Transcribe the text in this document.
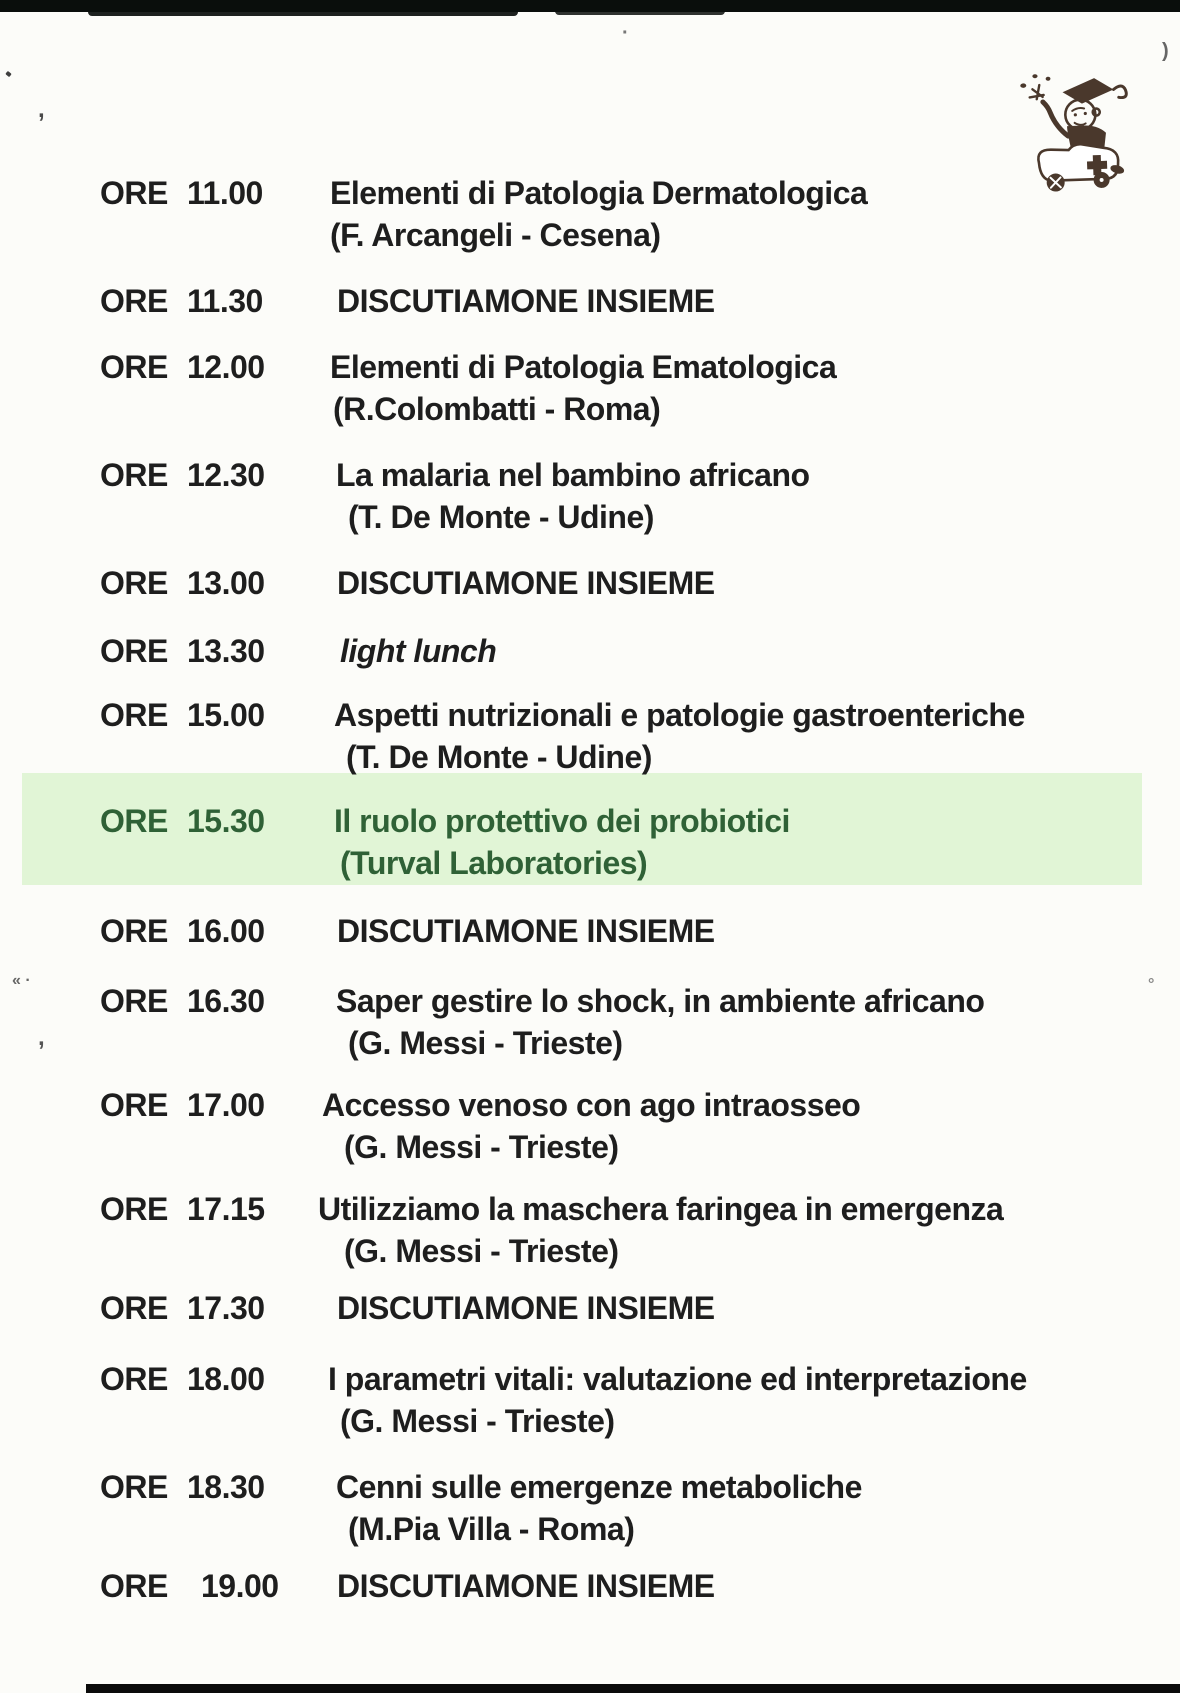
ORE 11.00 Elementi di Patologia Dermatologica
(F. Arcangeli - Cesena)
ORE 11.30 DISCUTIAMONE INSIEME
ORE 12.00 Elementi di Patologia Ematologica
(R.Colombatti - Roma)
ORE 12.30 La malaria nel bambino africano
(T. De Monte - Udine)
ORE 13.00 DISCUTIAMONE INSIEME
ORE 13.30 light lunch
ORE 15.00 Aspetti nutrizionali e patologie gastroenteriche
(T. De Monte - Udine)
ORE 15.30 Il ruolo protettivo dei probiotici
(Turval Laboratories)
ORE 16.00 DISCUTIAMONE INSIEME
ORE 16.30 Saper gestire lo shock, in ambiente africano
(G. Messi - Trieste)
ORE 17.00 Accesso venoso con ago intraosseo
(G. Messi - Trieste)
ORE 17.15 Utilizziamo la maschera faringea in emergenza
(G. Messi - Trieste)
ORE 17.30 DISCUTIAMONE INSIEME
ORE 18.00 I parametri vitali: valutazione ed interpretazione
(G. Messi - Trieste)
ORE 18.30 Cenni sulle emergenze metaboliche
(M.Pia Villa - Roma)
ORE 19.00 DISCUTIAMONE INSIEME
,
)
·
« ·
,
°
